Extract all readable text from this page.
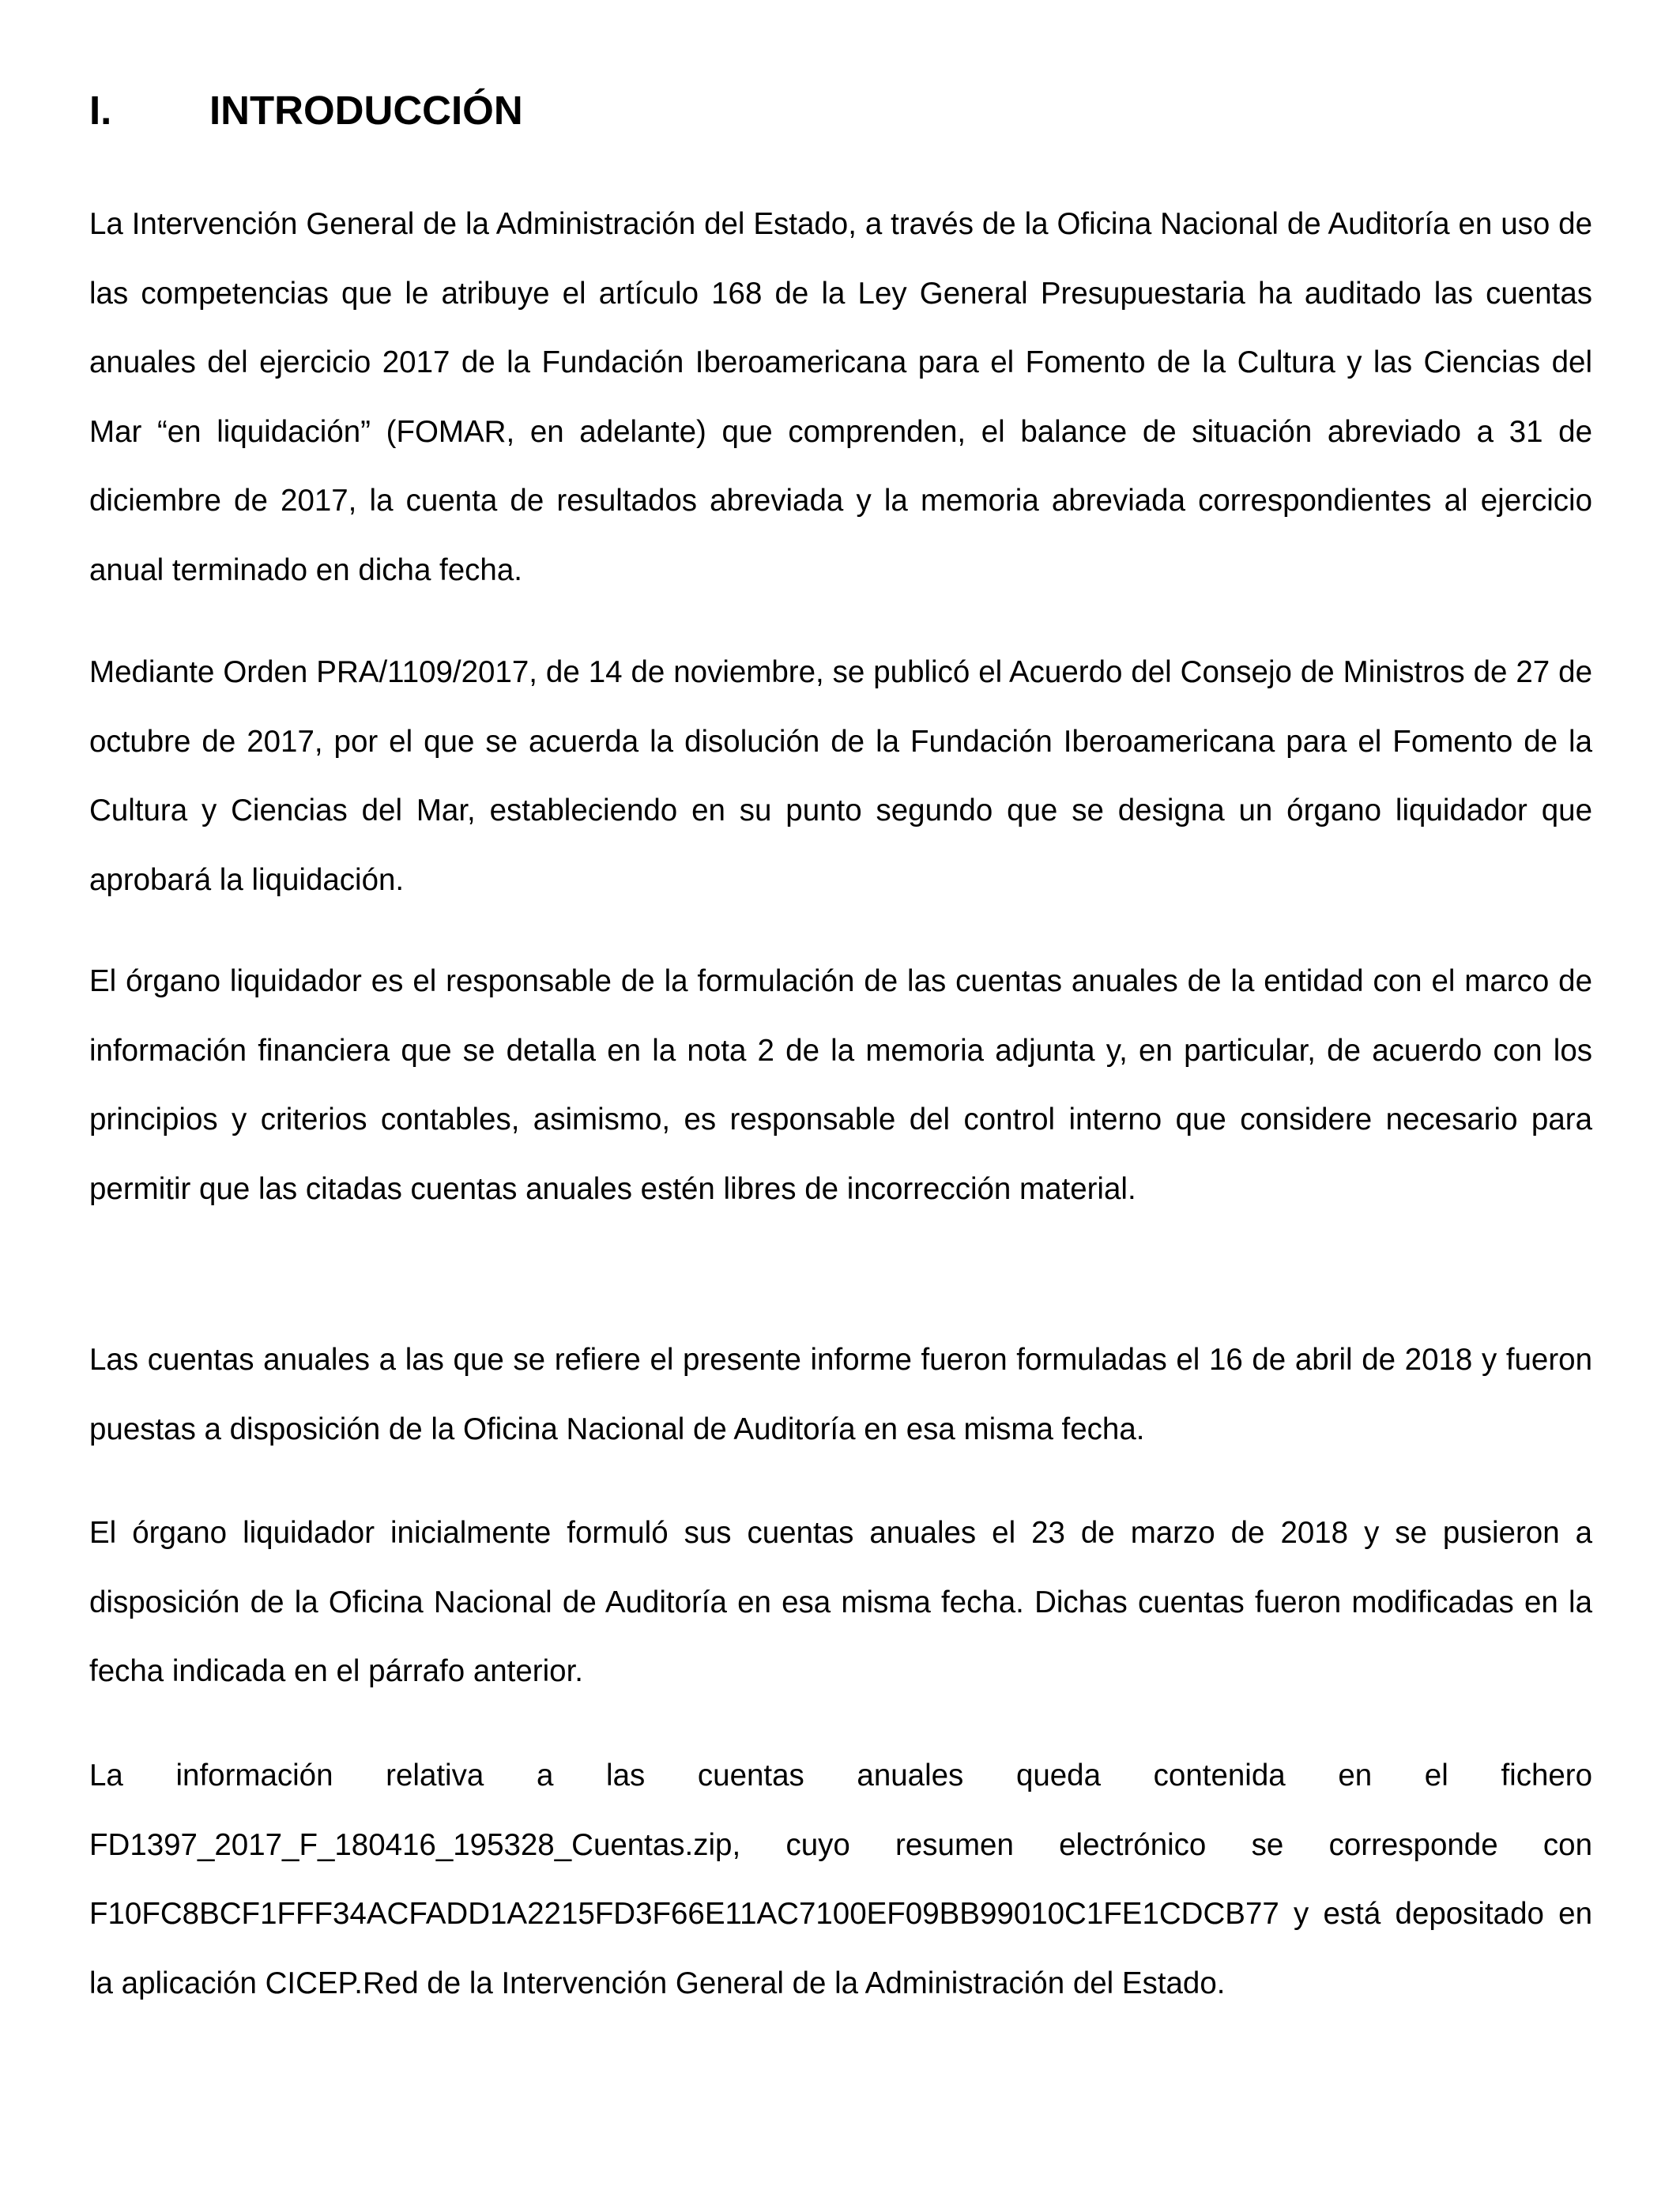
I. INTRODUCCIÓN

La Intervención General de la Administración del Estado, a través de la Oficina Nacional de Auditoría en uso de las competencias que le atribuye el artículo 168 de la Ley General Presupuestaria ha auditado las cuentas anuales del ejercicio 2017 de la Fundación Iberoamericana para el Fomento de la Cultura y las Ciencias del Mar “en liquidación” (FOMAR, en adelante) que comprenden, el balance de situación abreviado a 31 de diciembre de 2017, la cuenta de resultados abreviada y la memoria abreviada correspondientes al ejercicio anual terminado en dicha fecha.

Mediante Orden PRA/1109/2017, de 14 de noviembre, se publicó el Acuerdo del Consejo de Ministros de 27 de octubre de 2017, por el que se acuerda la disolución de la Fundación Iberoamericana para el Fomento de la Cultura y Ciencias del Mar, estableciendo en su punto segundo que se designa un órgano liquidador que aprobará la liquidación.

El órgano liquidador es el responsable de la formulación de las cuentas anuales de la entidad con el marco de información financiera que se detalla en la nota 2 de la memoria adjunta y, en particular, de acuerdo con los principios y criterios contables, asimismo, es responsable del control interno que considere necesario para permitir que las citadas cuentas anuales estén libres de incorrección material.

Las cuentas anuales a las que se refiere el presente informe fueron formuladas el 16 de abril de 2018 y fueron puestas a disposición de la Oficina Nacional de Auditoría en esa misma fecha.

El órgano liquidador inicialmente formuló sus cuentas anuales el 23 de marzo de 2018 y se pusieron a disposición de la Oficina Nacional de Auditoría en esa misma fecha. Dichas cuentas fueron modificadas en la fecha indicada en el párrafo anterior.

La información relativa a las cuentas anuales queda contenida en el fichero FD1397_2017_F_180416_195328_Cuentas.zip, cuyo resumen electrónico se corresponde con F10FC8BCF1FFF34ACFADD1A2215FD3F66E11AC7100EF09BB99010C1FE1CDCB77 y está depositado en la aplicación CICEP.Red de la Intervención General de la Administración del Estado.
